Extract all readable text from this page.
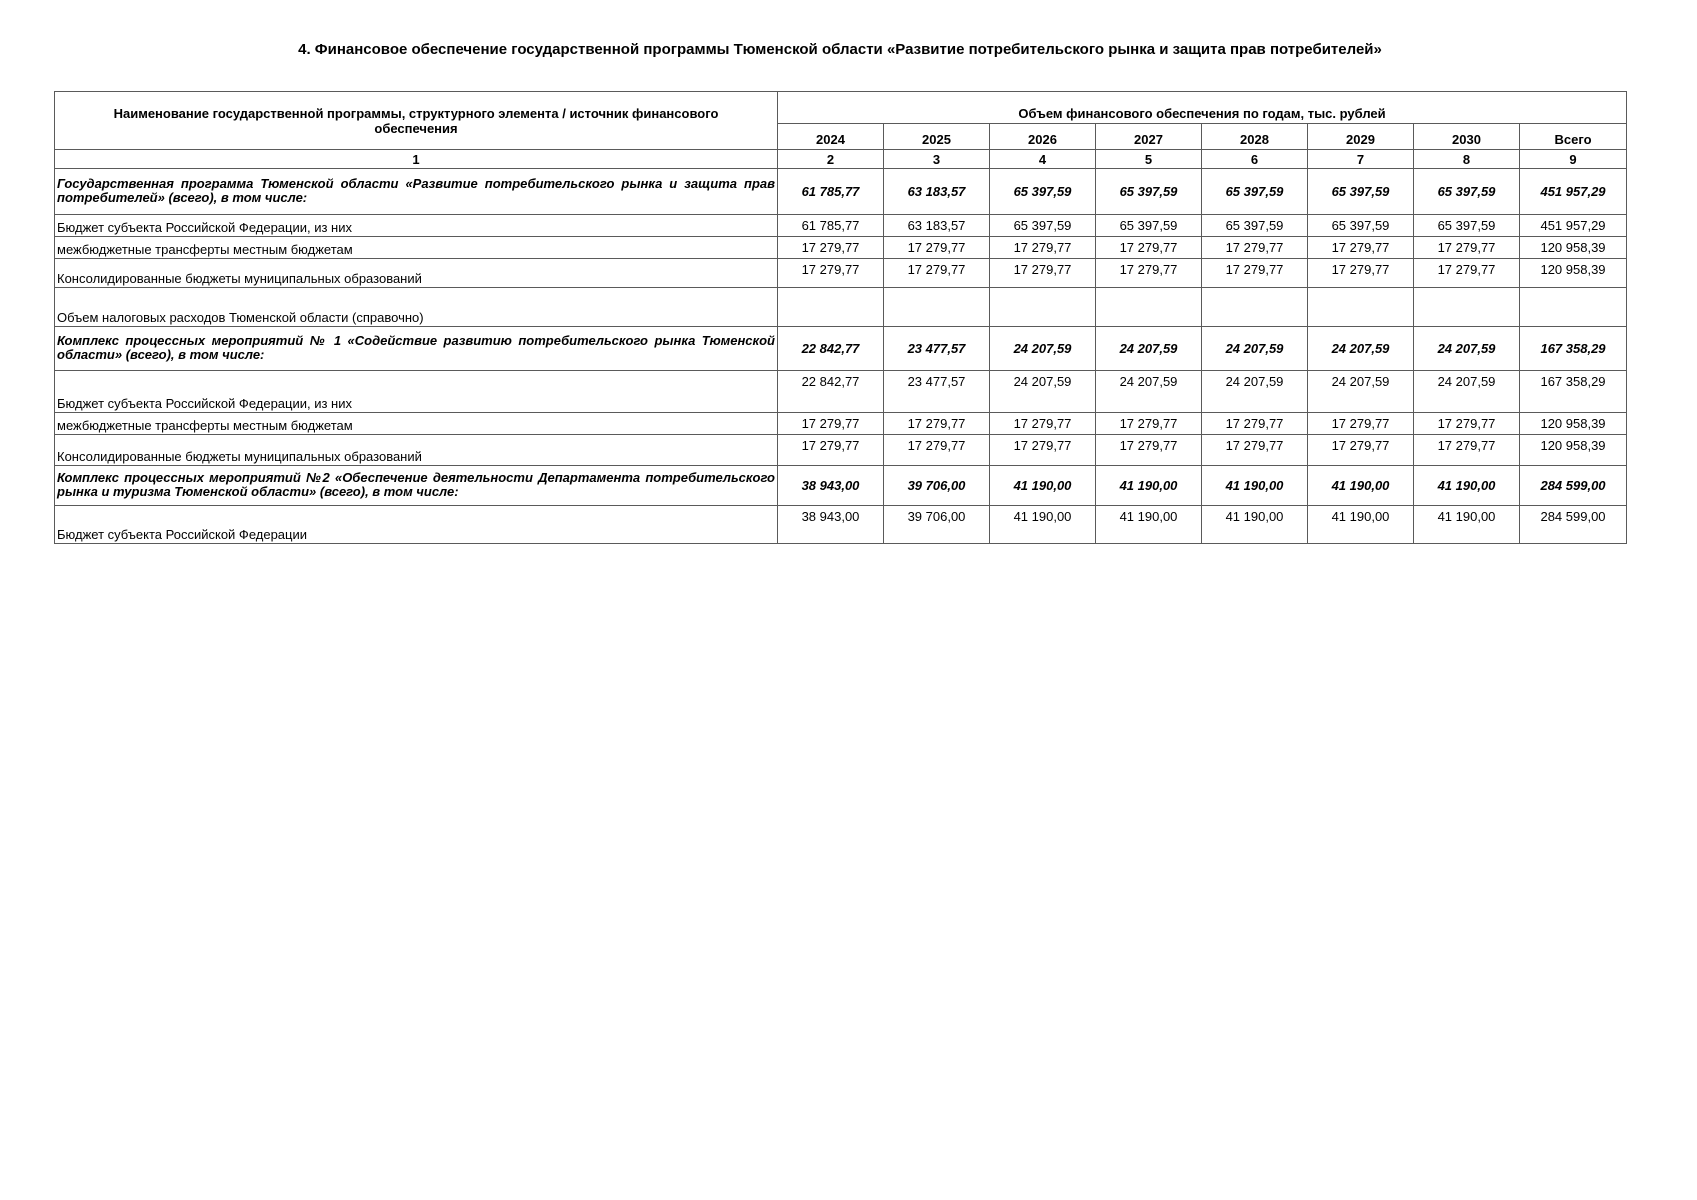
4. Финансовое обеспечение государственной программы Тюменской области «Развитие потребительского рынка и защита прав потребителей»
Наименование государственной программы, структурного элемента / источник финансового обеспечения	Объем финансового обеспечения по годам, тыс. рублей							
	2024	2025	2026	2027	2028	2029	2030	Всего
1	2	3	4	5	6	7	8	9
Государственная программа Тюменской области «Развитие потребительского рынка и защита прав потребителей» (всего), в том числе:	61 785,77	63 183,57	65 397,59	65 397,59	65 397,59	65 397,59	65 397,59	451 957,29
Бюджет субъекта Российской Федерации, из них	61 785,77	63 183,57	65 397,59	65 397,59	65 397,59	65 397,59	65 397,59	451 957,29
межбюджетные трансферты местным бюджетам	17 279,77	17 279,77	17 279,77	17 279,77	17 279,77	17 279,77	17 279,77	120 958,39
Консолидированные бюджеты муниципальных образований	17 279,77	17 279,77	17 279,77	17 279,77	17 279,77	17 279,77	17 279,77	120 958,39
Объем налоговых расходов Тюменской области (справочно)								
Комплекс процессных мероприятий № 1 «Содействие развитию потребительского рынка Тюменской области» (всего), в том числе:	22 842,77	23 477,57	24 207,59	24 207,59	24 207,59	24 207,59	24 207,59	167 358,29
Бюджет субъекта Российской Федерации, из них	22 842,77	23 477,57	24 207,59	24 207,59	24 207,59	24 207,59	24 207,59	167 358,29
межбюджетные трансферты местным бюджетам	17 279,77	17 279,77	17 279,77	17 279,77	17 279,77	17 279,77	17 279,77	120 958,39
Консолидированные бюджеты муниципальных образований	17 279,77	17 279,77	17 279,77	17 279,77	17 279,77	17 279,77	17 279,77	120 958,39
Комплекс процессных мероприятий №2 «Обеспечение деятельности Департамента потребительского рынка и туризма Тюменской области» (всего), в том числе:	38 943,00	39 706,00	41 190,00	41 190,00	41 190,00	41 190,00	41 190,00	284 599,00
Бюджет субъекта Российской Федерации	38 943,00	39 706,00	41 190,00	41 190,00	41 190,00	41 190,00	41 190,00	284 599,00
